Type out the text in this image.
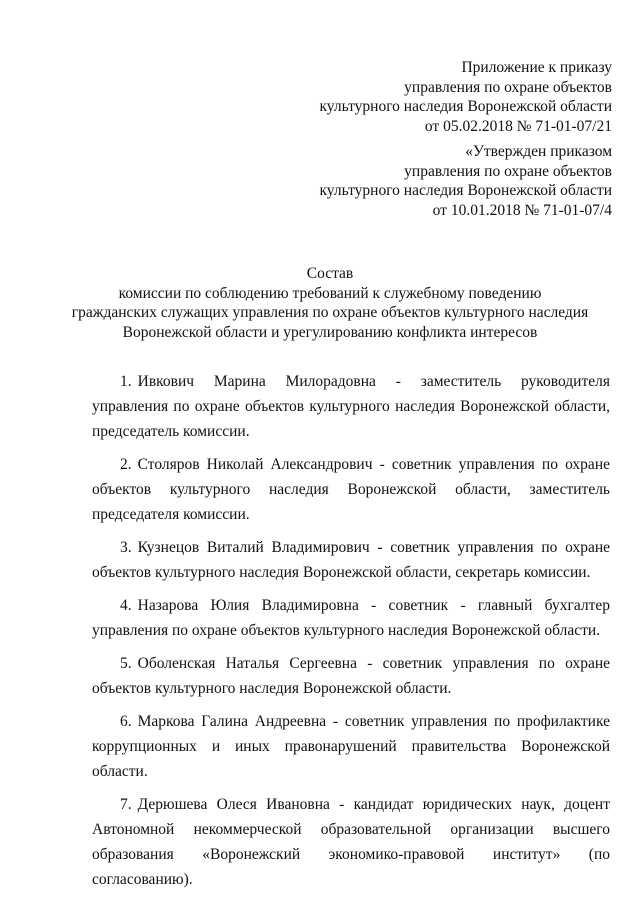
Приложение к приказу

управления по охране объектов

культурного наследия Воронежской области

от 05.02.2018 № 71-01-07/21

«Утвержден приказом

управления по охране объектов

культурного наследия Воронежской области

от 10.01.2018 № 71-01-07/4

Состав

комиссии по соблюдению требований к служебному поведению

гражданских служащих управления по охране объектов культурного наследия

Воронежской области и урегулированию конфликта интересов

1. Ивкович Марина Милорадовна - заместитель руководителя управления по охране объектов культурного наследия Воронежской области, председатель комиссии.
2. Столяров Николай Александрович - советник управления по охране объектов культурного наследия Воронежской области, заместитель председателя комиссии.
3. Кузнецов Виталий Владимирович - советник управления по охране объектов культурного наследия Воронежской области, секретарь комиссии.
4. Назарова Юлия Владимировна - советник - главный бухгалтер управления по охране объектов культурного наследия Воронежской области.
5. Оболенская Наталья Сергеевна - советник управления по охране объектов культурного наследия Воронежской области.
6. Маркова Галина Андреевна - советник управления по профилактике коррупционных и иных правонарушений правительства Воронежской области.
7. Дерюшева Олеся Ивановна - кандидат юридических наук, доцент Автономной некоммерческой образовательной организации высшего образования «Воронежский экономико-правовой институт» (по согласованию).
